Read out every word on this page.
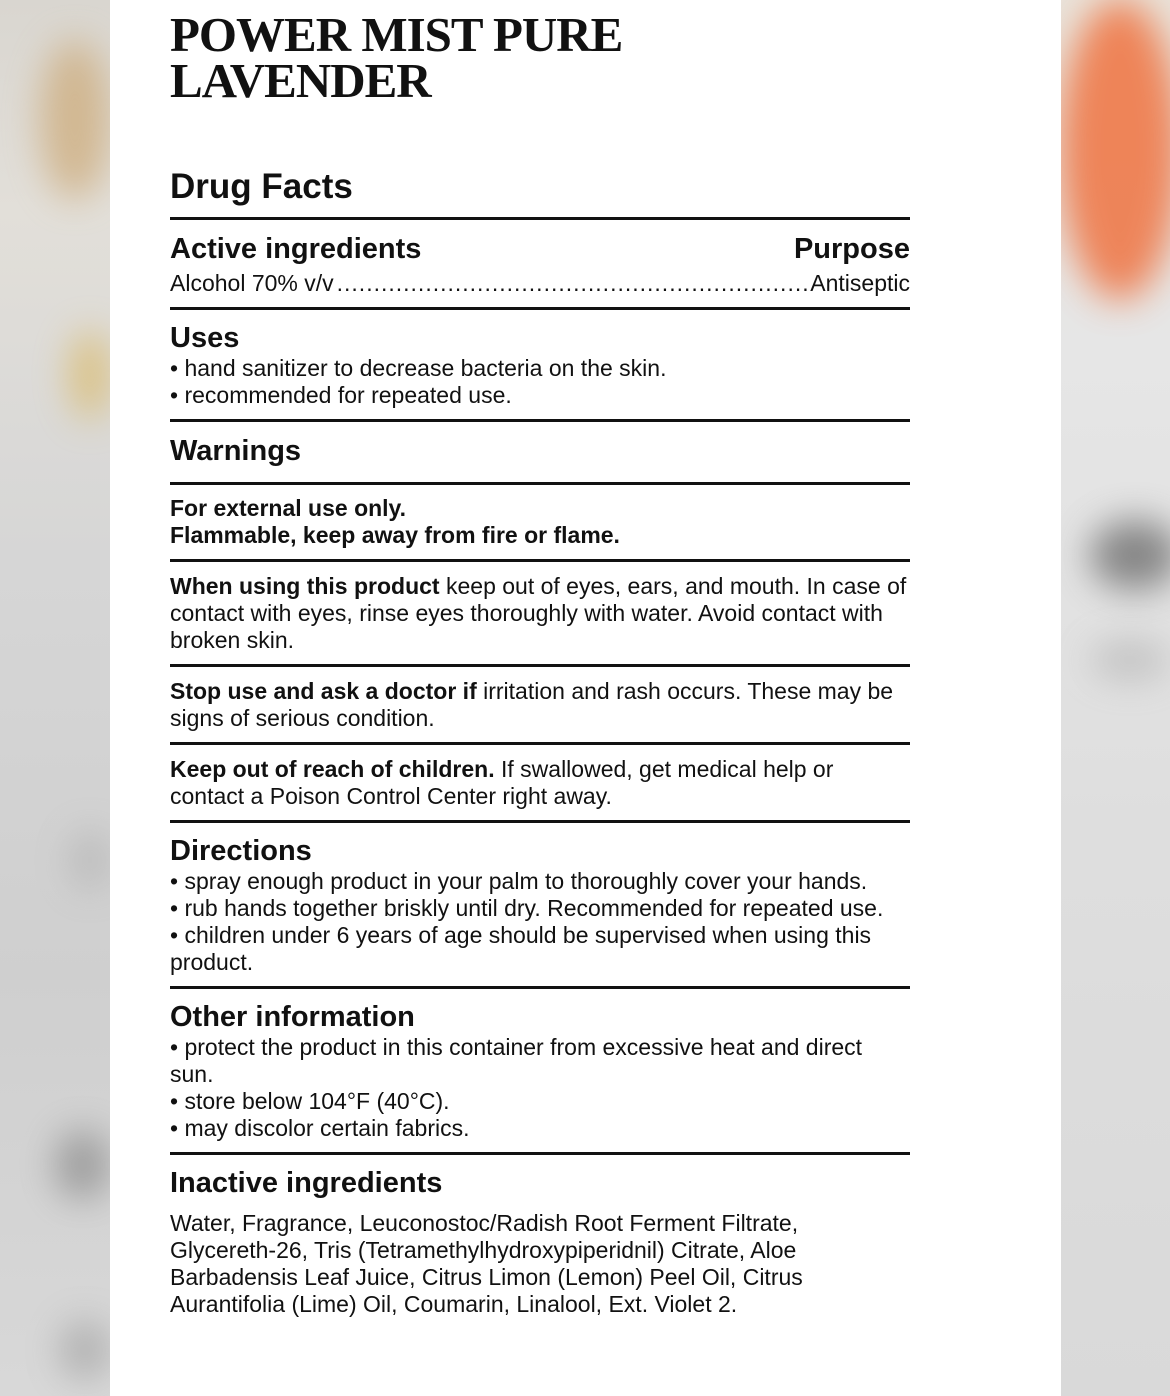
POWER MIST PURE LAVENDER
Drug Facts
Active ingredients	Purpose
Alcohol 70% v/v
.....	Antiseptic
Uses
• hand sanitizer to decrease bacteria on the skin.
• recommended for repeated use.
Warnings
For external use only.
Flammable, keep away from fire or flame.
When using this product keep out of eyes, ears, and mouth. In case of contact with eyes, rinse eyes thoroughly with water. Avoid contact with broken skin.
Stop use and ask a doctor if irritation and rash occurs. These may be signs of serious condition.
Keep out of reach of children. If swallowed, get medical help or contact a Poison Control Center right away.
Directions
• spray enough product in your palm to thoroughly cover your hands.
• rub hands together briskly until dry. Recommended for repeated use.
• children under 6 years of age should be supervised when using this product.
Other information
• protect the product in this container from excessive heat and direct sun.
• store below 104°F (40°C).
• may discolor certain fabrics.
Inactive ingredients
Water, Fragrance, Leuconostoc/Radish Root Ferment Filtrate, Glycereth-26, Tris (Tetramethylhydroxypiperidnil) Citrate, Aloe Barbadensis Leaf Juice, Citrus Limon (Lemon) Peel Oil, Citrus Aurantifolia (Lime) Oil, Coumarin, Linalool, Ext. Violet 2.
